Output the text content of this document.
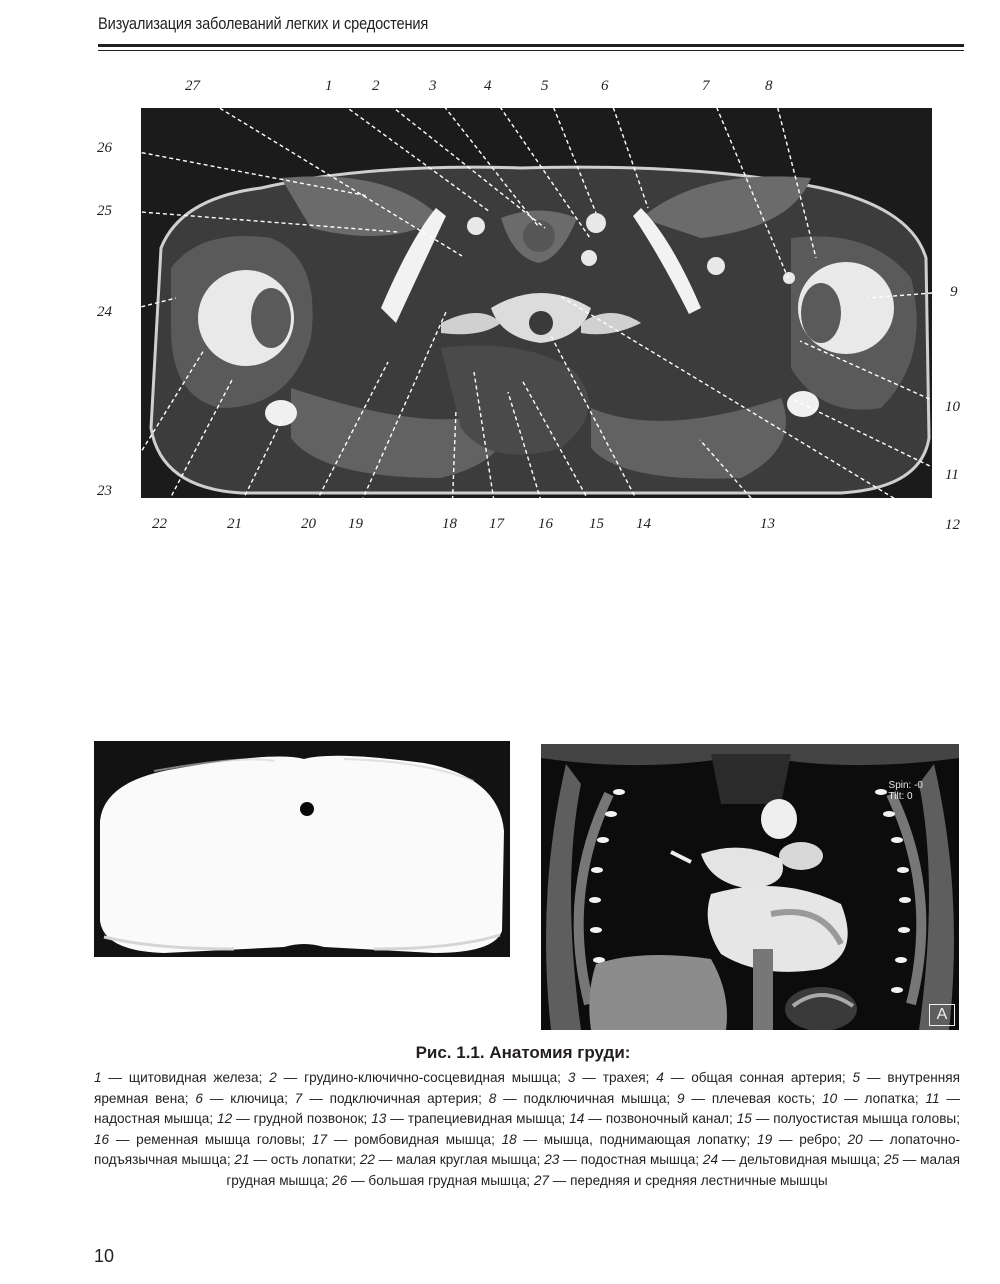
Визуализация заболеваний легких и средостения
1	2	3	4	5	6	7	8
9
10
11
12
13
14
15
16
17
18
19
20
21
22
23
24
25
26
27
Spin: -0
Tilt: 0
A
Рис. 1.1. Анатомия груди:
1 — щитовидная железа; 2 — грудино-ключично-сосцевидная мышца; 3 — трахея; 4 — общая сонная артерия; 5 — внутренняя яремная вена; 6 — ключица; 7 — подключичная артерия; 8 — подключичная мышца; 9 — плечевая кость; 10 — лопатка; 11 — надостная мышца; 12 — грудной позвонок; 13 — трапециевидная мышца; 14 — позвоночный канал; 15 — полуостистая мышца головы; 16 — ременная мышца головы; 17 — ромбовидная мышца; 18 — мышца, поднимающая лопатку; 19 — ребро; 20 — лопаточно-подъязычная мышца; 21 — ость лопатки; 22 — малая круглая мышца; 23 — подостная мышца; 24 — дельтовидная мышца; 25 — малая грудная мышца; 26 — большая грудная мышца; 27 — передняя и средняя лестничные мышцы
10
